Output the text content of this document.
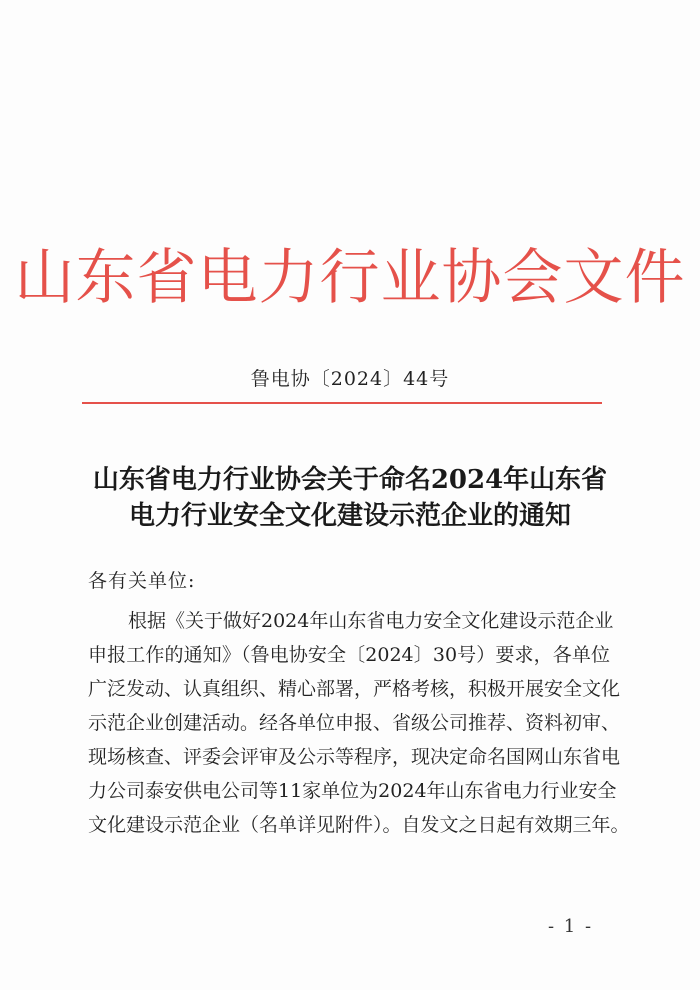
山东省电力行业协会文件
鲁电协〔2024〕44号
山东省电力行业协会关于命名2024年山东省
电力行业安全文化建设示范企业的通知
各有关单位:
根据《关于做好2024年山东省电力安全文化建设示范企业
申报工作的通知》（鲁电协安全〔2024〕30号）要求，各单位
广泛发动、认真组织、精心部署，严格考核，积极开展安全文化
示范企业创建活动。经各单位申报、省级公司推荐、资料初审、
现场核查、评委会评审及公示等程序，现决定命名国网山东省电
力公司泰安供电公司等11家单位为2024年山东省电力行业安全
文化建设示范企业（名单详见附件）。自发文之日起有效期三年。
- 1 -
